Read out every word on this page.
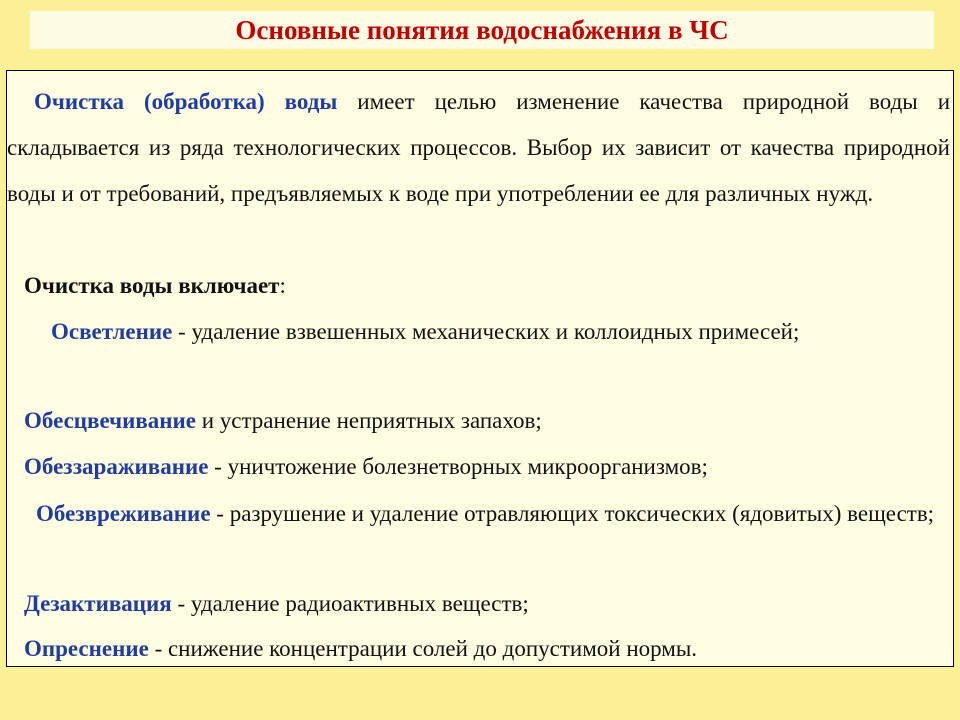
Основные понятия водоснабжения в ЧС
Очистка (обработка) воды имеет целью изменение качества природной воды и складывается из ряда технологических процессов. Выбор их зависит от качества природной воды и от требований, предъявляемых к воде при употреблении ее для различных нужд.
Очистка воды включает:
Осветление - удаление взвешенных механических и коллоидных примесей;
Обесцвечивание и устранение неприятных запахов;
Обеззараживание - уничтожение болезнетворных микроорганизмов;
Обезвреживание - разрушение и удаление отравляющих токсических (ядовитых) веществ;
Дезактивация - удаление радиоактивных веществ;
Опреснение - снижение концентрации солей до допустимой нормы.
